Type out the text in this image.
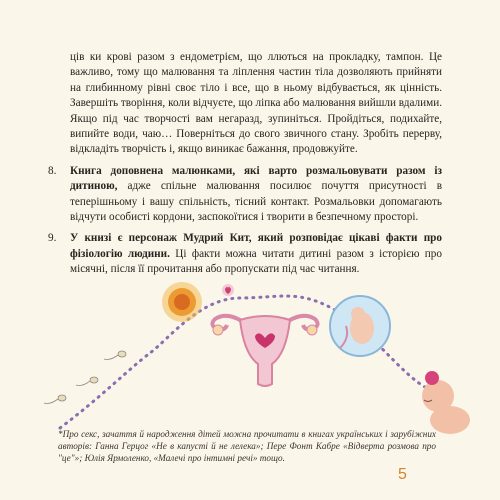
ців ки крові разом з ендометрієм, що ллються на прокладку, тампон. Це важливо, тому що малювання та ліплення частин тіла дозволяють прийняти на глибинному рівні своє тіло і все, що в ньому відбувається, як цінність. Завершіть творіння, коли відчуєте, що ліпка або малювання вийшли вдалими. Якщо під час творчості вам негаразд, зупиніться. Пройдіться, подихайте, випийте води, чаю… Поверніться до свого звичного стану. Зробіть перерву, відкладіть творчість і, якщо виникає бажання, продовжуйте.

8. Книга доповнена малюнками, які варто розмальовувати разом із дитиною, адже спільне малювання посилює почуття присутності в теперішньому і вашу спільність, тісний контакт. Розмальовки допомагають відчути особисті кордони, заспокоїтися і творити в безпечному просторі.
9. У книзі є персонаж Мудрий Кит, який розповідає цікаві факти про фізіологію людини. Ці факти можна читати дитині разом з історією про місячні, після її прочитання або пропускати під час читання.

*Про секс, зачаття й народження дітей можна прочитати в книгах українських і зарубіжних авторів: Ганна Герцог «Не в капусті й не лелека»; Пере Фонт Кабре «Відверта розмова про "це"»; Юлія Ярмоленко, «Малечі про інтимні речі» тощо.

5
